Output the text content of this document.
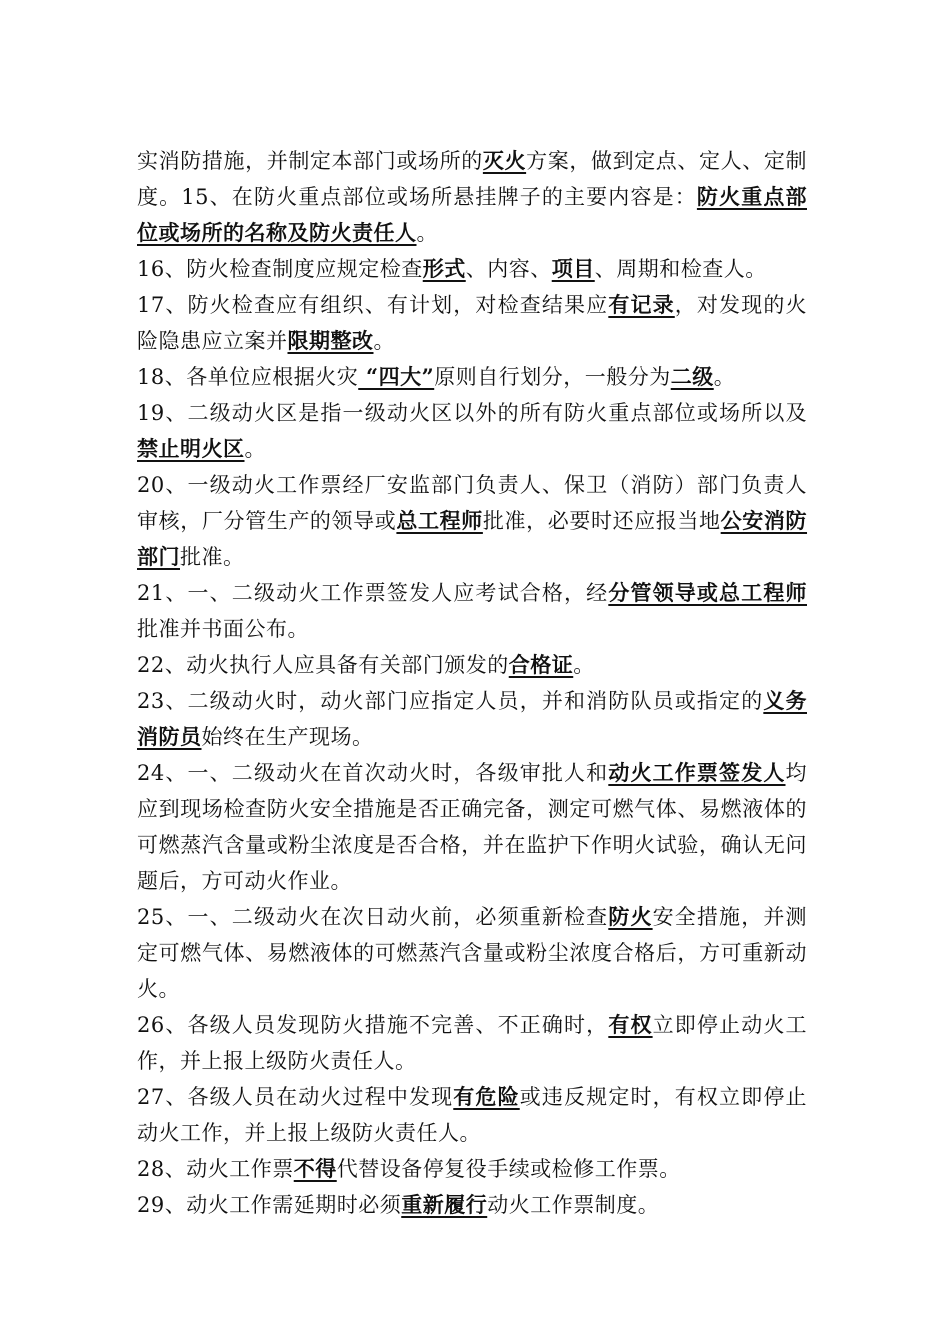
实消防措施，并制定本部门或场所的灭火方案，做到定点、定人、定制度。15、在防火重点部位或场所悬挂牌子的主要内容是：防火重点部位或场所的名称及防火责任人。

16、防火检查制度应规定检查形式、内容、项目、周期和检查人。

17、防火检查应有组织、有计划，对检查结果应有记录，对发现的火险隐患应立案并限期整改。

18、各单位应根据火灾 “四大”原则自行划分，一般分为二级。

19、二级动火区是指一级动火区以外的所有防火重点部位或场所以及禁止明火区。

20、一级动火工作票经厂安监部门负责人、保卫（消防）部门负责人审核，厂分管生产的领导或总工程师批准，必要时还应报当地公安消防部门批准。

21、一、二级动火工作票签发人应考试合格，经分管领导或总工程师批准并书面公布。

22、动火执行人应具备有关部门颁发的合格证。

23、二级动火时，动火部门应指定人员，并和消防队员或指定的义务消防员始终在生产现场。

24、一、二级动火在首次动火时，各级审批人和动火工作票签发人均应到现场检查防火安全措施是否正确完备，测定可燃气体、易燃液体的可燃蒸汽含量或粉尘浓度是否合格，并在监护下作明火试验，确认无问题后，方可动火作业。

25、一、二级动火在次日动火前，必须重新检查防火安全措施，并测定可燃气体、易燃液体的可燃蒸汽含量或粉尘浓度合格后，方可重新动火。

26、各级人员发现防火措施不完善、不正确时，有权立即停止动火工作，并上报上级防火责任人。

27、各级人员在动火过程中发现有危险或违反规定时，有权立即停止动火工作，并上报上级防火责任人。

28、动火工作票不得代替设备停复役手续或检修工作票。

29、动火工作需延期时必须重新履行动火工作票制度。
